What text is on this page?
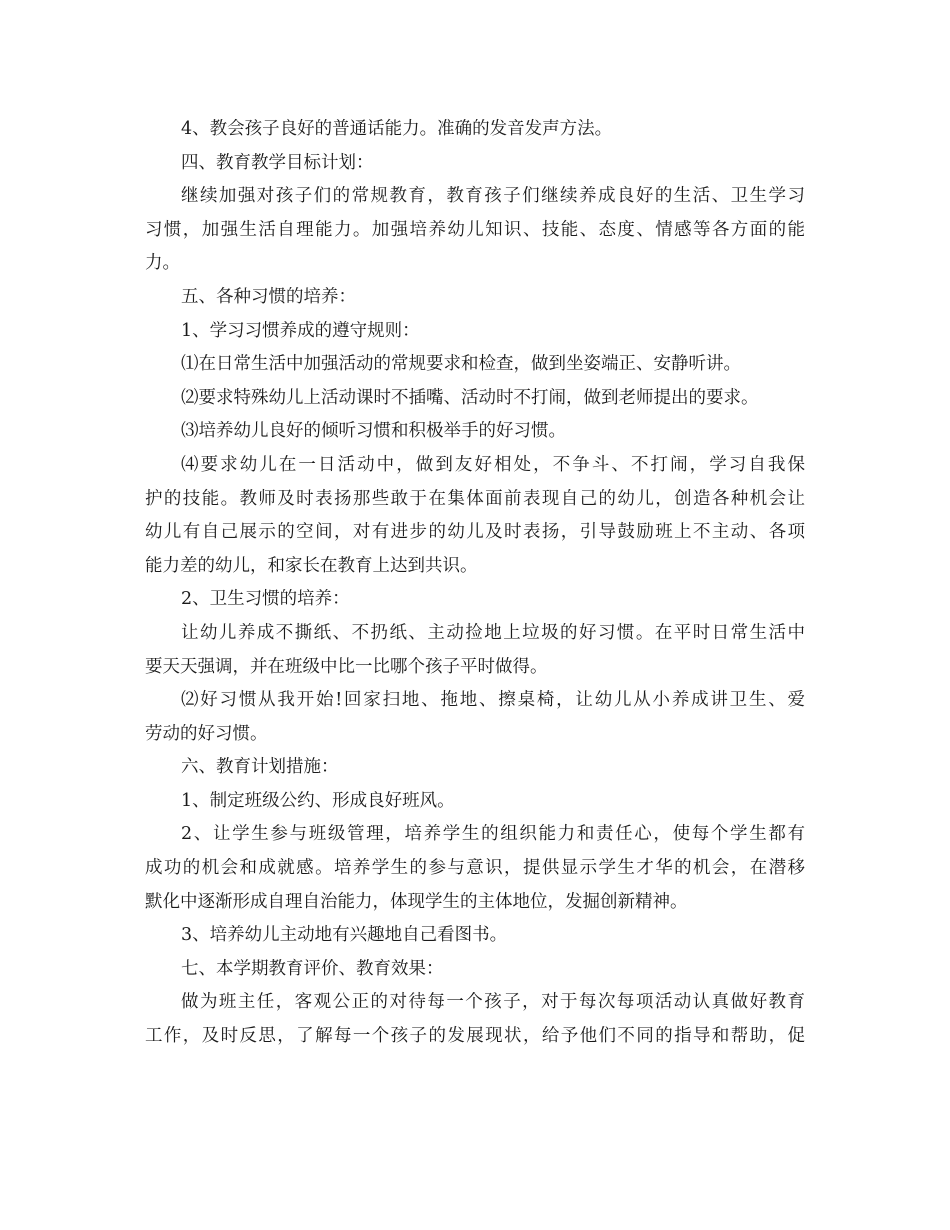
4、教会孩子良好的普通话能力。准确的发音发声方法。
四、教育教学目标计划：
继续加强对孩子们的常规教育，教育孩子们继续养成良好的生活、卫生学习
习惯，加强生活自理能力。加强培养幼儿知识、技能、态度、情感等各方面的能
力。
五、各种习惯的培养：
1、学习习惯养成的遵守规则：
⑴在日常生活中加强活动的常规要求和检查，做到坐姿端正、安静听讲。
⑵要求特殊幼儿上活动课时不插嘴、活动时不打闹，做到老师提出的要求。
⑶培养幼儿良好的倾听习惯和积极举手的好习惯。
⑷要求幼儿在一日活动中，做到友好相处，不争斗、不打闹，学习自我保
护的技能。教师及时表扬那些敢于在集体面前表现自己的幼儿，创造各种机会让
幼儿有自己展示的空间，对有进步的幼儿及时表扬，引导鼓励班上不主动、各项
能力差的幼儿，和家长在教育上达到共识。
2、卫生习惯的培养：
让幼儿养成不撕纸、不扔纸、主动捡地上垃圾的好习惯。在平时日常生活中
要天天强调，并在班级中比一比哪个孩子平时做得。
⑵好习惯从我开始!回家扫地、拖地、擦桌椅，让幼儿从小养成讲卫生、爱
劳动的好习惯。
六、教育计划措施：
1、制定班级公约、形成良好班风。
2、让学生参与班级管理，培养学生的组织能力和责任心，使每个学生都有
成功的机会和成就感。培养学生的参与意识，提供显示学生才华的机会，在潜移
默化中逐渐形成自理自治能力，体现学生的主体地位，发掘创新精神。
3、培养幼儿主动地有兴趣地自己看图书。
七、本学期教育评价、教育效果：
做为班主任，客观公正的对待每一个孩子，对于每次每项活动认真做好教育
工作，及时反思，了解每一个孩子的发展现状，给予他们不同的指导和帮助，促
